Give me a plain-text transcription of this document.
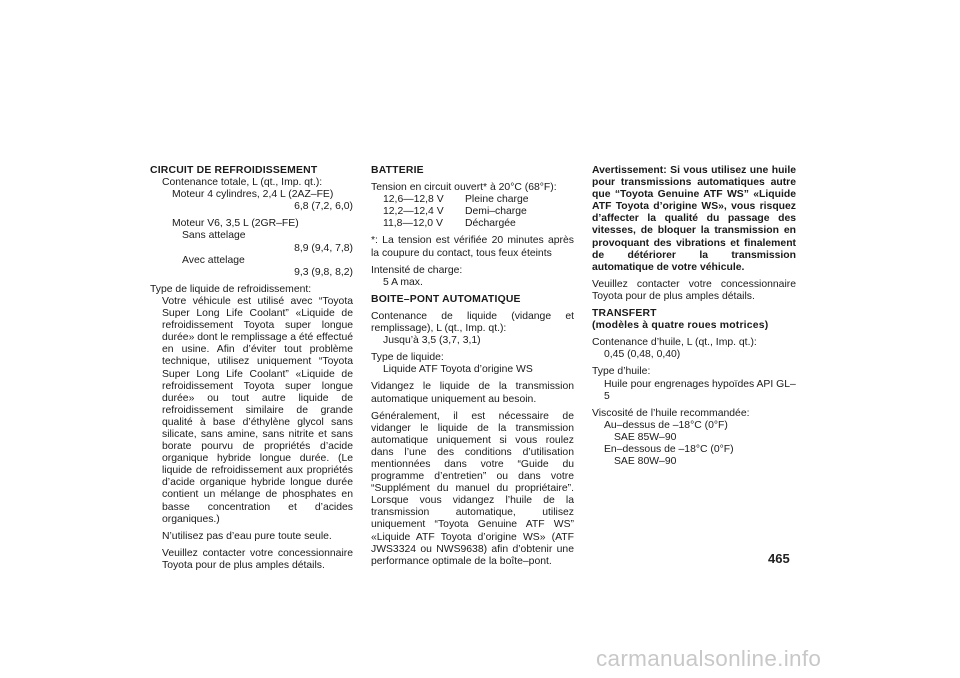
CIRCUIT DE REFROIDISSEMENT
Contenance totale, L (qt., Imp. qt.):
Moteur 4 cylindres, 2,4 L (2AZ–FE)
6,8 (7,2, 6,0)
Moteur V6, 3,5 L (2GR–FE)
Sans attelage
8,9 (9,4, 7,8)
Avec attelage
9,3 (9,8, 8,2)
Type de liquide de refroidissement:
Votre véhicule est utilisé avec “Toyota Super Long Life Coolant” «Liquide de refroidissement Toyota super longue durée» dont le remplissage a été effectué en usine. Afin d’éviter tout problème technique, utilisez uniquement “Toyota Super Long Life Coolant” «Liquide de refroidissement Toyota super longue durée» ou tout autre liquide de refroidissement similaire de grande qualité à base d’éthylène glycol sans silicate, sans amine, sans nitrite et sans borate pourvu de propriétés d’acide organique hybride longue durée. (Le liquide de refroidissement aux propriétés d’acide organique hybride longue durée contient un mélange de phosphates en basse concentration et d’acides organiques.)
N’utilisez pas d’eau pure toute seule.
Veuillez contacter votre concessionnaire Toyota pour de plus amples détails.
BATTERIE
Tension en circuit ouvert* à 20°C (68°F):
12,6—12,8 V	Pleine charge
12,2—12,4 V	Demi–charge
11,8—12,0 V	Déchargée
*: La tension est vérifiée 20 minutes après la coupure du contact, tous feux éteints
Intensité de charge:
5 A max.
BOITE–PONT AUTOMATIQUE
Contenance de liquide (vidange et remplissage), L (qt., Imp. qt.):
Jusqu’à 3,5 (3,7, 3,1)
Type de liquide:
Liquide ATF Toyota d’origine WS
Vidangez le liquide de la transmission automatique uniquement au besoin.
Généralement, il est nécessaire de vidanger le liquide de la transmission automatique uniquement si vous roulez dans l’une des conditions d’utilisation mentionnées dans votre “Guide du programme d’entretien” ou dans votre “Supplément du manuel du propriétaire”. Lorsque vous vidangez l’huile de la transmission automatique, utilisez uniquement “Toyota Genuine ATF WS” «Liquide ATF Toyota d’origine WS» (ATF JWS3324 ou NWS9638) afin d’obtenir une performance optimale de la boîte–pont.
Avertissement: Si vous utilisez une huile pour transmissions automatiques autre que “Toyota Genuine ATF WS” «Liquide ATF Toyota d’origine WS», vous risquez d’affecter la qualité du passage des vitesses, de bloquer la transmission en provoquant des vibrations et finalement de détériorer la transmission automatique de votre véhicule.
Veuillez contacter votre concessionnaire Toyota pour de plus amples détails.
TRANSFERT
(modèles à quatre roues motrices)
Contenance d’huile, L (qt., Imp. qt.):
0,45 (0,48, 0,40)
Type d’huile:
Huile pour engrenages hypoïdes API GL–5
Viscosité de l’huile recommandée:
Au–dessus de –18°C (0°F)
SAE 85W–90
En–dessous de –18°C (0°F)
SAE 80W–90
465
carmanualsonline.info
